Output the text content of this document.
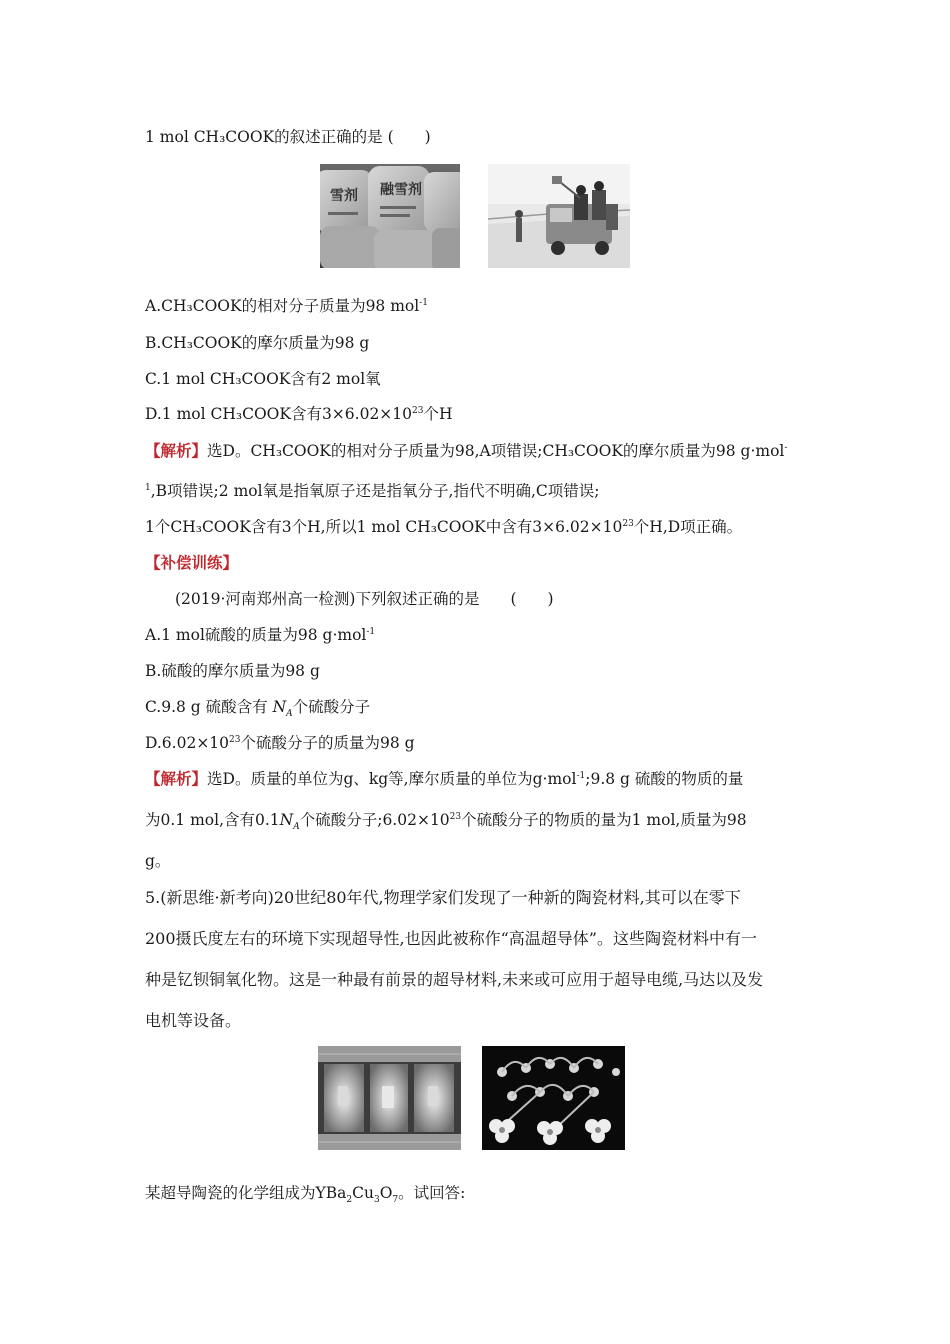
1 mol CH₃COOK的叙述正确的是 (　　)
雪剂 融雪剂
A.CH₃COOK的相对分子质量为98 mol$^{-1}$
B.CH₃COOK的摩尔质量为98 g
C.1 mol CH₃COOK含有2 mol氧
D.1 mol CH₃COOK含有$3\times 6.02\times 10^{23}$个H
【解析】选D。CH₃COOK的相对分子质量为98,A项错误;CH₃COOK的摩尔质量为98 g·mol-
$^1$,B项错误;2 mol氧是指氧原子还是指氧分子,指代不明确,C项错误;
1个CH₃COOK含有3个H,所以1 mol CH₃COOK中含有$3\times 6.02\times 10^{23}$个H,D项正确。
【补偿训练】
(2019·河南郑州高一检测)下列叙述正确的是　　(　　)
A.1 mol硫酸的质量为98 g·mol$^{-1}$
B.硫酸的摩尔质量为98 g
C.9.8 g 硫酸含有 $N_A$个硫酸分子
$D.6.02\times 10^{23}$个硫酸分子的质量为98 g
【解析】选D。质量的单位为g、kg等,摩尔质量的单位为g·mol$^{-1}$;9.8 g 硫酸的物质的量
为0.1 mol,含有$0.1N_A$个硫酸分子$;6.02\times 10^{23}$个硫酸分子的物质的量为1 mol,质量为98
g。
5.(新思维·新考向)20世纪80年代,物理学家们发现了一种新的陶瓷材料,其可以在零下
200摄氏度左右的环境下实现超导性,也因此被称作“高温超导体”。这些陶瓷材料中有一
种是钇钡铜氧化物。这是一种最有前景的超导材料,未来或可应用于超导电缆,马达以及发
电机等设备。
某超导陶瓷的化学组成为$YBa_2Cu_3O_7$。试回答:
